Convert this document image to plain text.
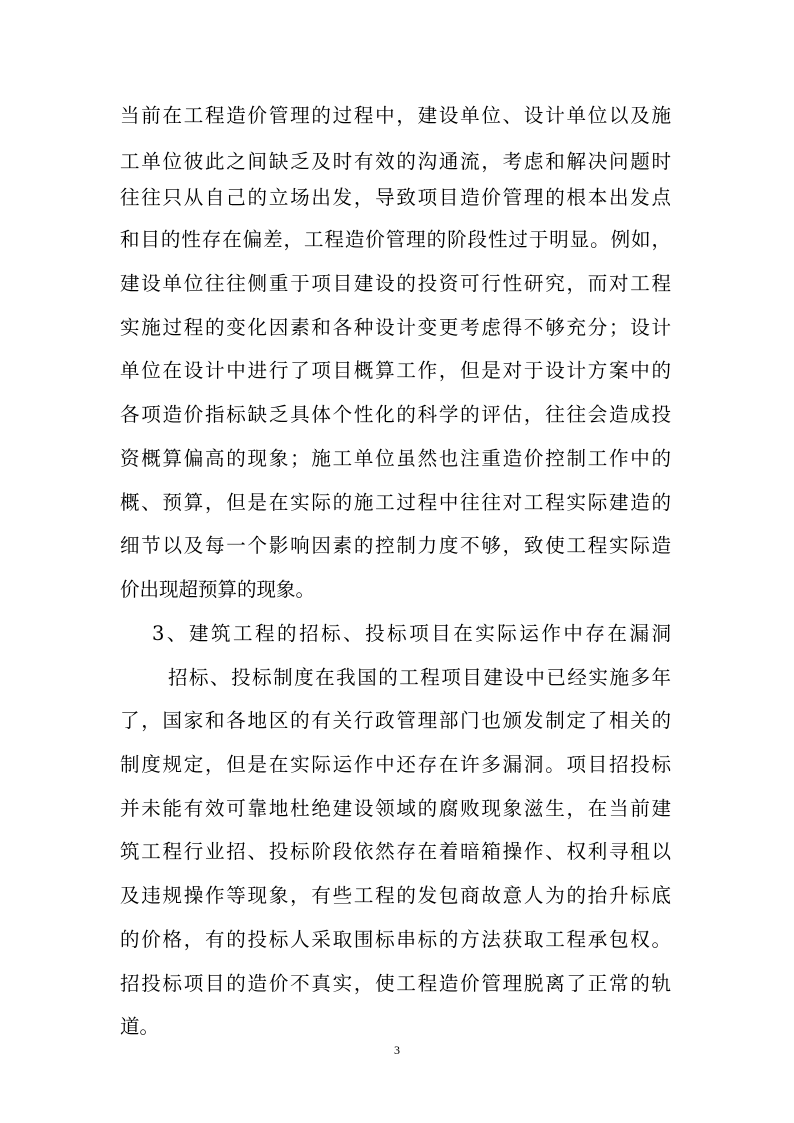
当前在工程造价管理的过程中，建设单位、设计单位以及施
工单位彼此之间缺乏及时有效的沟通流，考虑和解决问题时
往往只从自己的立场出发，导致项目造价管理的根本出发点
和目的性存在偏差，工程造价管理的阶段性过于明显。例如，
建设单位往往侧重于项目建设的投资可行性研究，而对工程
实施过程的变化因素和各种设计变更考虑得不够充分；设计
单位在设计中进行了项目概算工作，但是对于设计方案中的
各项造价指标缺乏具体个性化的科学的评估，往往会造成投
资概算偏高的现象；施工单位虽然也注重造价控制工作中的
概、预算，但是在实际的施工过程中往往对工程实际建造的
细节以及每一个影响因素的控制力度不够，致使工程实际造
价出现超预算的现象。
3、建筑工程的招标、投标项目在实际运作中存在漏洞
招标、投标制度在我国的工程项目建设中已经实施多年
了，国家和各地区的有关行政管理部门也颁发制定了相关的
制度规定，但是在实际运作中还存在许多漏洞。项目招投标
并未能有效可靠地杜绝建设领域的腐败现象滋生，在当前建
筑工程行业招、投标阶段依然存在着暗箱操作、权利寻租以
及违规操作等现象，有些工程的发包商故意人为的抬升标底
的价格，有的投标人采取围标串标的方法获取工程承包权。
招投标项目的造价不真实，使工程造价管理脱离了正常的轨
道。
3
